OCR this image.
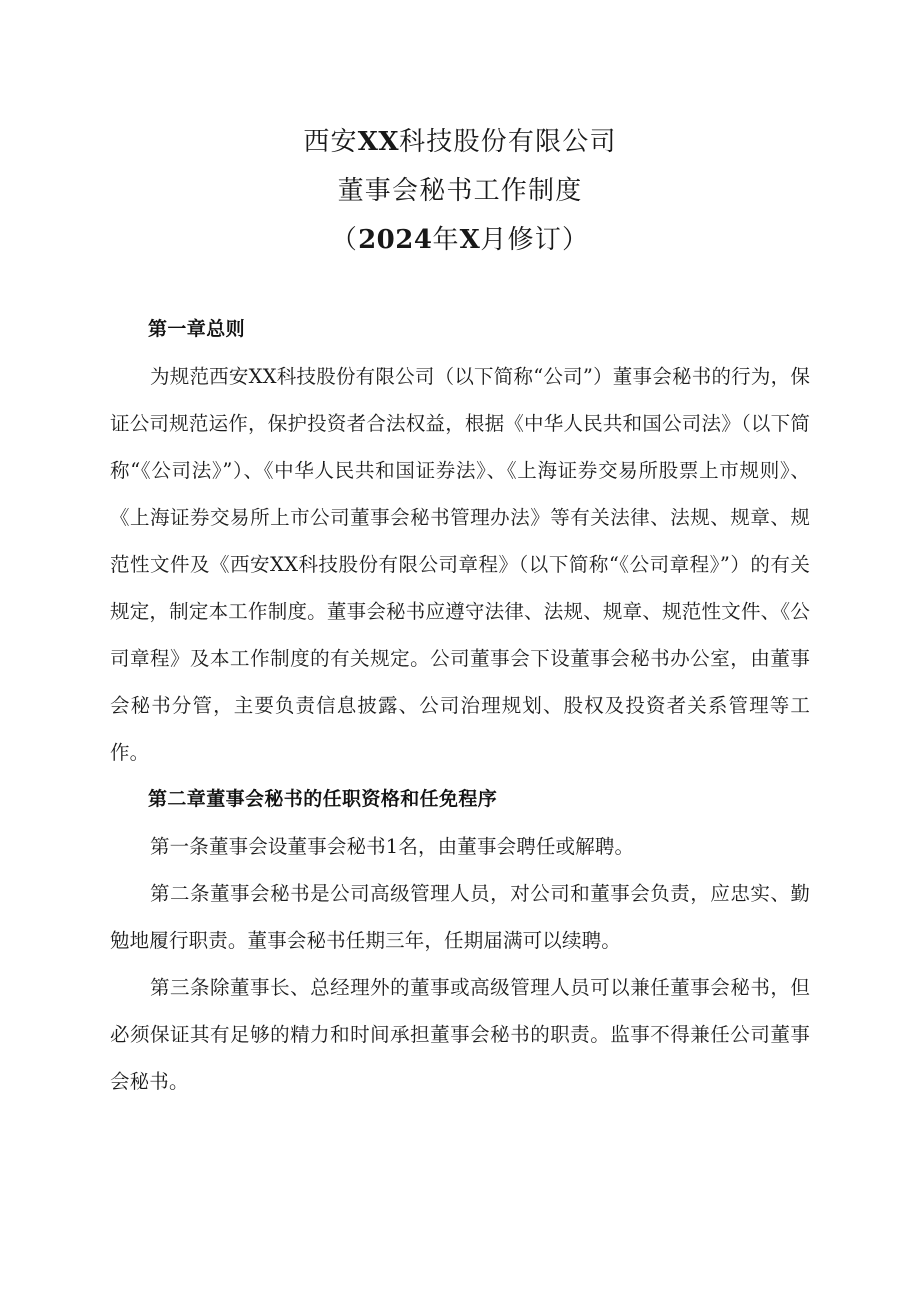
西安XX科技股份有限公司
董事会秘书工作制度
（2024年X月修订）
第一章总则

为规范西安XX科技股份有限公司（以下简称“公司”）董事会秘书的行为，保证公司规范运作，保护投资者合法权益，根据《中华人民共和国公司法》（以下简称“《公司法》”）、《中华人民共和国证券法》、《上海证券交易所股票上市规则》、《上海证券交易所上市公司董事会秘书管理办法》等有关法律、法规、规章、规范性文件及《西安XX科技股份有限公司章程》（以下简称“《公司章程》”）的有关规定，制定本工作制度。董事会秘书应遵守法律、法规、规章、规范性文件、《公司章程》及本工作制度的有关规定。公司董事会下设董事会秘书办公室，由董事会秘书分管，主要负责信息披露、公司治理规划、股权及投资者关系管理等工作。

第二章董事会秘书的任职资格和任免程序

第一条董事会设董事会秘书1名，由董事会聘任或解聘。

第二条董事会秘书是公司高级管理人员，对公司和董事会负责，应忠实、勤勉地履行职责。董事会秘书任期三年，任期届满可以续聘。

第三条除董事长、总经理外的董事或高级管理人员可以兼任董事会秘书，但必须保证其有足够的精力和时间承担董事会秘书的职责。监事不得兼任公司董事会秘书。
